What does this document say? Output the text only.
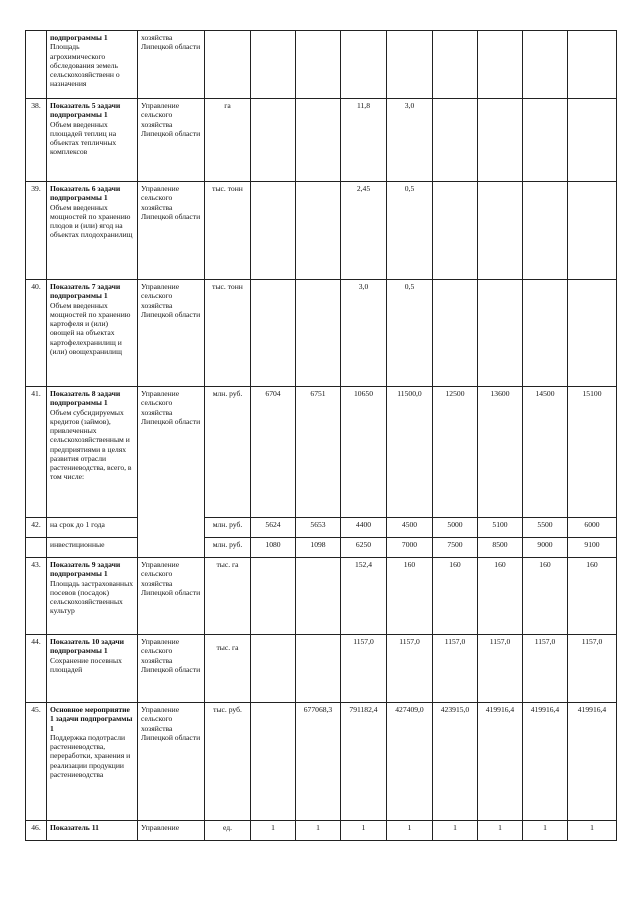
	подпрограммы 1
Площадь агрохимического обследования земель сельскохозяйственн о назначения	хозяйства Липецкой области									
38.	Показатель 5 задачи подпрограммы 1
Объем введенных площадей теплиц на объектах тепличных комплексов	Управление сельского хозяйства Липецкой области	га			11,8	3,0				
39.	Показатель 6 задачи подпрограммы 1
Объем введенных мощностей по хранению плодов и (или) ягод на объектах плодохранилищ	Управление сельского хозяйства Липецкой области	тыс. тонн			2,45	0,5				
40.	Показатель 7 задачи подпрограммы 1
Объем введенных мощностей по хранению картофеля и (или) овощей на объектах картофелехранилищ и (или) овощехранилищ	Управление сельского хозяйства Липецкой области	тыс. тонн			3,0	0,5				
41.	Показатель 8 задачи подпрограммы 1
Объем субсидируемых кредитов (займов), привлеченных сельскохозяйственным и предприятиями в целях развития отрасли растениеводства, всего, в том числе:	Управление сельского хозяйства Липецкой области	млн. руб.	6704	6751	10650	11500,0	12500	13600	14500	15100
42.	на срок до 1 года		млн. руб.	5624	5653	4400	4500	5000	5100	5500	6000

	инвестиционные		млн. руб.	1080	1098	6250	7000	7500	8500	9000	9100
43.	Показатель 9 задачи подпрограммы 1
Площадь застрахованных посевов (посадок) сельскохозяйственных культур	Управление сельского хозяйства Липецкой области	тыс. га			152,4	160	160	160	160	160
44.	Показатель 10 задачи подпрограммы 1
Сохранение посевных площадей	Управление сельского хозяйства Липецкой области	тыс. га			1157,0	1157,0	1157,0	1157,0	1157,0	1157,0
45.	Основное мероприятие 1 задачи подпрограммы 1
Поддержка подотрасли растениеводства, переработки, хранения и реализации продукции растениеводства	Управление сельского хозяйства Липецкой области	тыс. руб.		677068,3	791182,4	427409,0	423915,0	419916,4	419916,4	419916,4
46.	Показатель 11	Управление	ед.	1	1	1	1	1	1	1	1
